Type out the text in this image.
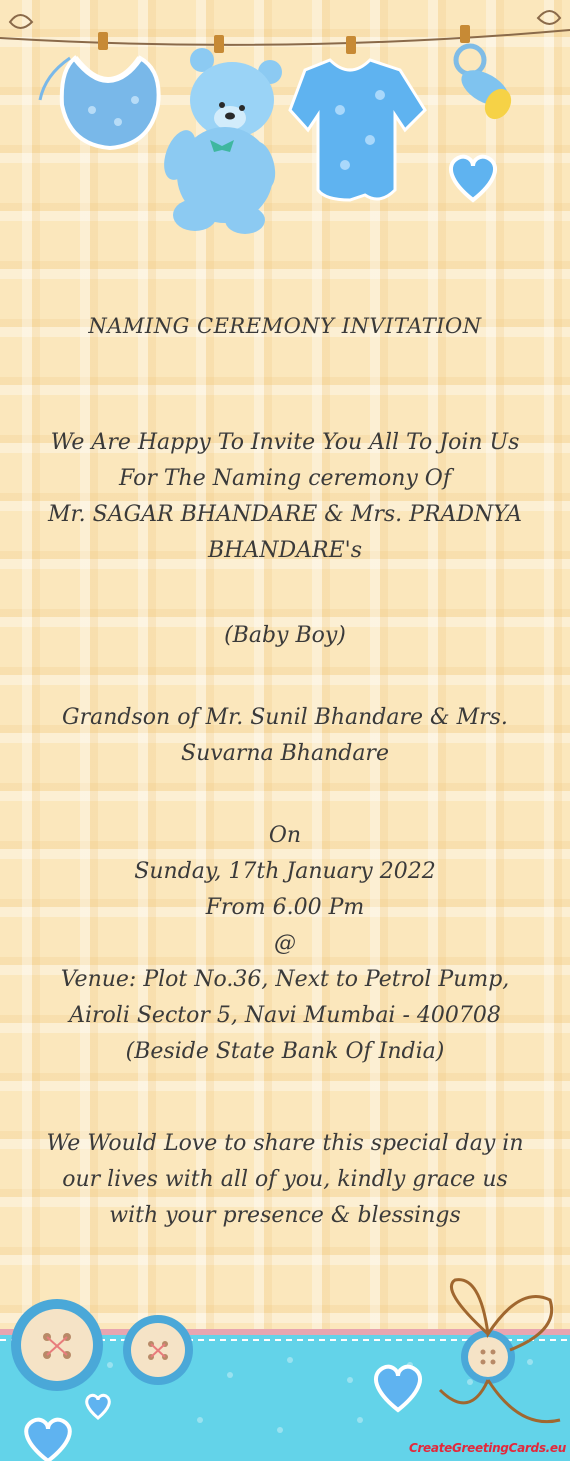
NAMING CEREMONY INVITATION
We Are Happy To Invite You All To Join Us
For The Naming ceremony Of
Mr. SAGAR BHANDARE & Mrs. PRADNYA
BHANDARE's
(Baby Boy)
Grandson of Mr. Sunil Bhandare & Mrs.
Suvarna Bhandare
On
Sunday, 17th January 2022
From 6.00 Pm
@
Venue: Plot No.36, Next to Petrol Pump,
Airoli Sector 5, Navi Mumbai - 400708
(Beside State Bank Of India)
We Would Love to share this special day in
our lives with all of you, kindly grace us
with your presence & blessings
CreateGreetingCards.eu
